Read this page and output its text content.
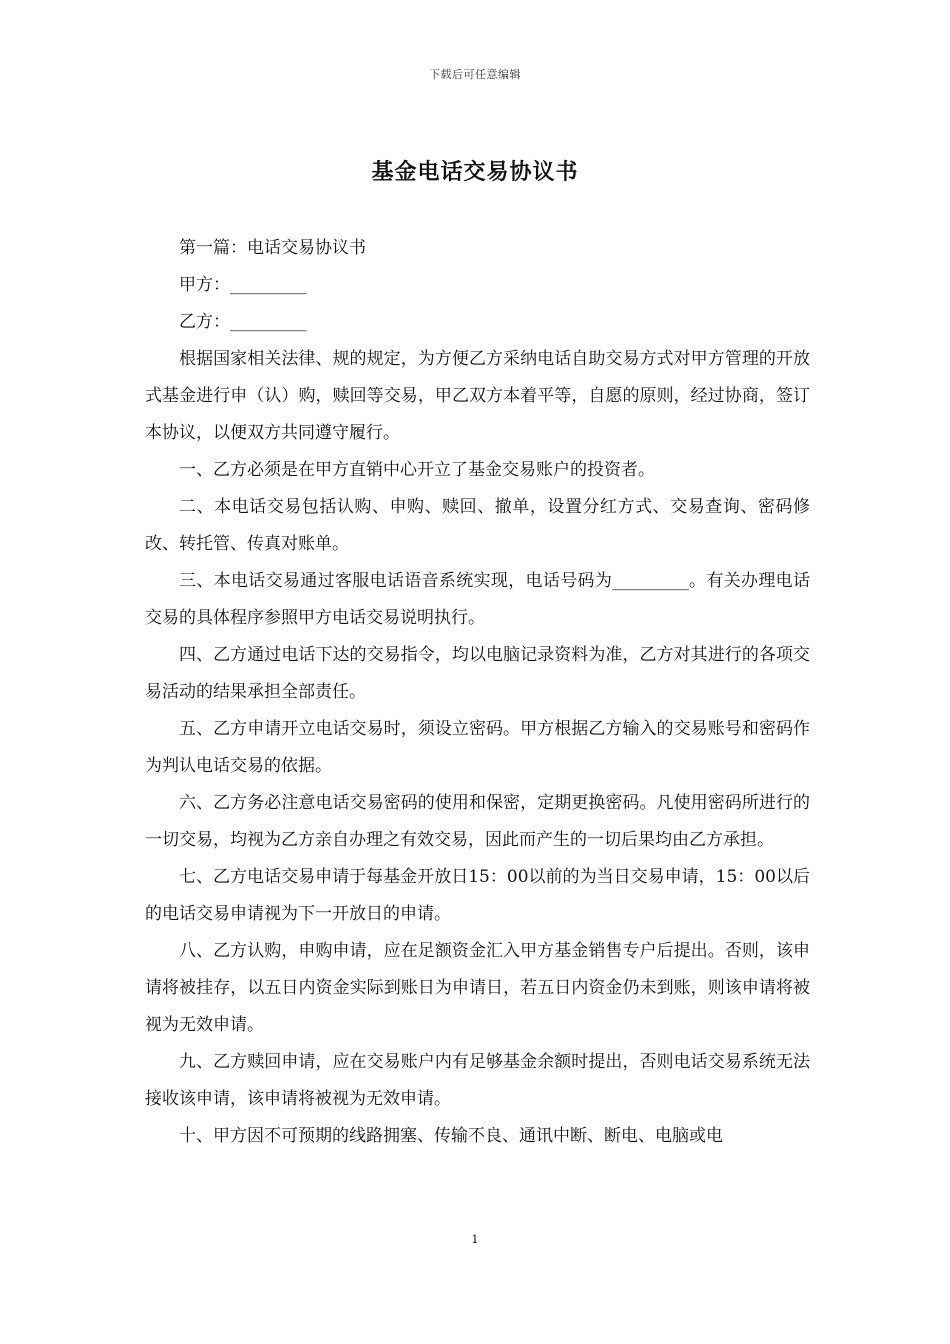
下载后可任意编辑
基金电话交易协议书

第一篇：电话交易协议书

甲方：_________

乙方：_________

根据国家相关法律、规的规定，为方便乙方采纳电话自助交易方式对甲方管理的开放式基金进行申（认）购，赎回等交易，甲乙双方本着平等，自愿的原则，经过协商，签订本协议，以便双方共同遵守履行。

一、乙方必须是在甲方直销中心开立了基金交易账户的投资者。

二、本电话交易包括认购、申购、赎回、撤单，设置分红方式、交易查询、密码修改、转托管、传真对账单。

三、本电话交易通过客服电话语音系统实现，电话号码为_________。有关办理电话交易的具体程序参照甲方电话交易说明执行。

四、乙方通过电话下达的交易指令，均以电脑记录资料为准，乙方对其进行的各项交易活动的结果承担全部责任。

五、乙方申请开立电话交易时，须设立密码。甲方根据乙方输入的交易账号和密码作为判认电话交易的依据。

六、乙方务必注意电话交易密码的使用和保密，定期更换密码。凡使用密码所进行的一切交易，均视为乙方亲自办理之有效交易，因此而产生的一切后果均由乙方承担。

七、乙方电话交易申请于每基金开放日15：00以前的为当日交易申请，15：00以后的电话交易申请视为下一开放日的申请。

八、乙方认购，申购申请，应在足额资金汇入甲方基金销售专户后提出。否则，该申请将被挂存，以五日内资金实际到账日为申请日，若五日内资金仍未到账，则该申请将被视为无效申请。

九、乙方赎回申请，应在交易账户内有足够基金余额时提出，否则电话交易系统无法接收该申请，该申请将被视为无效申请。

十、甲方因不可预期的线路拥塞、传输不良、通讯中断、断电、电脑或电

1
